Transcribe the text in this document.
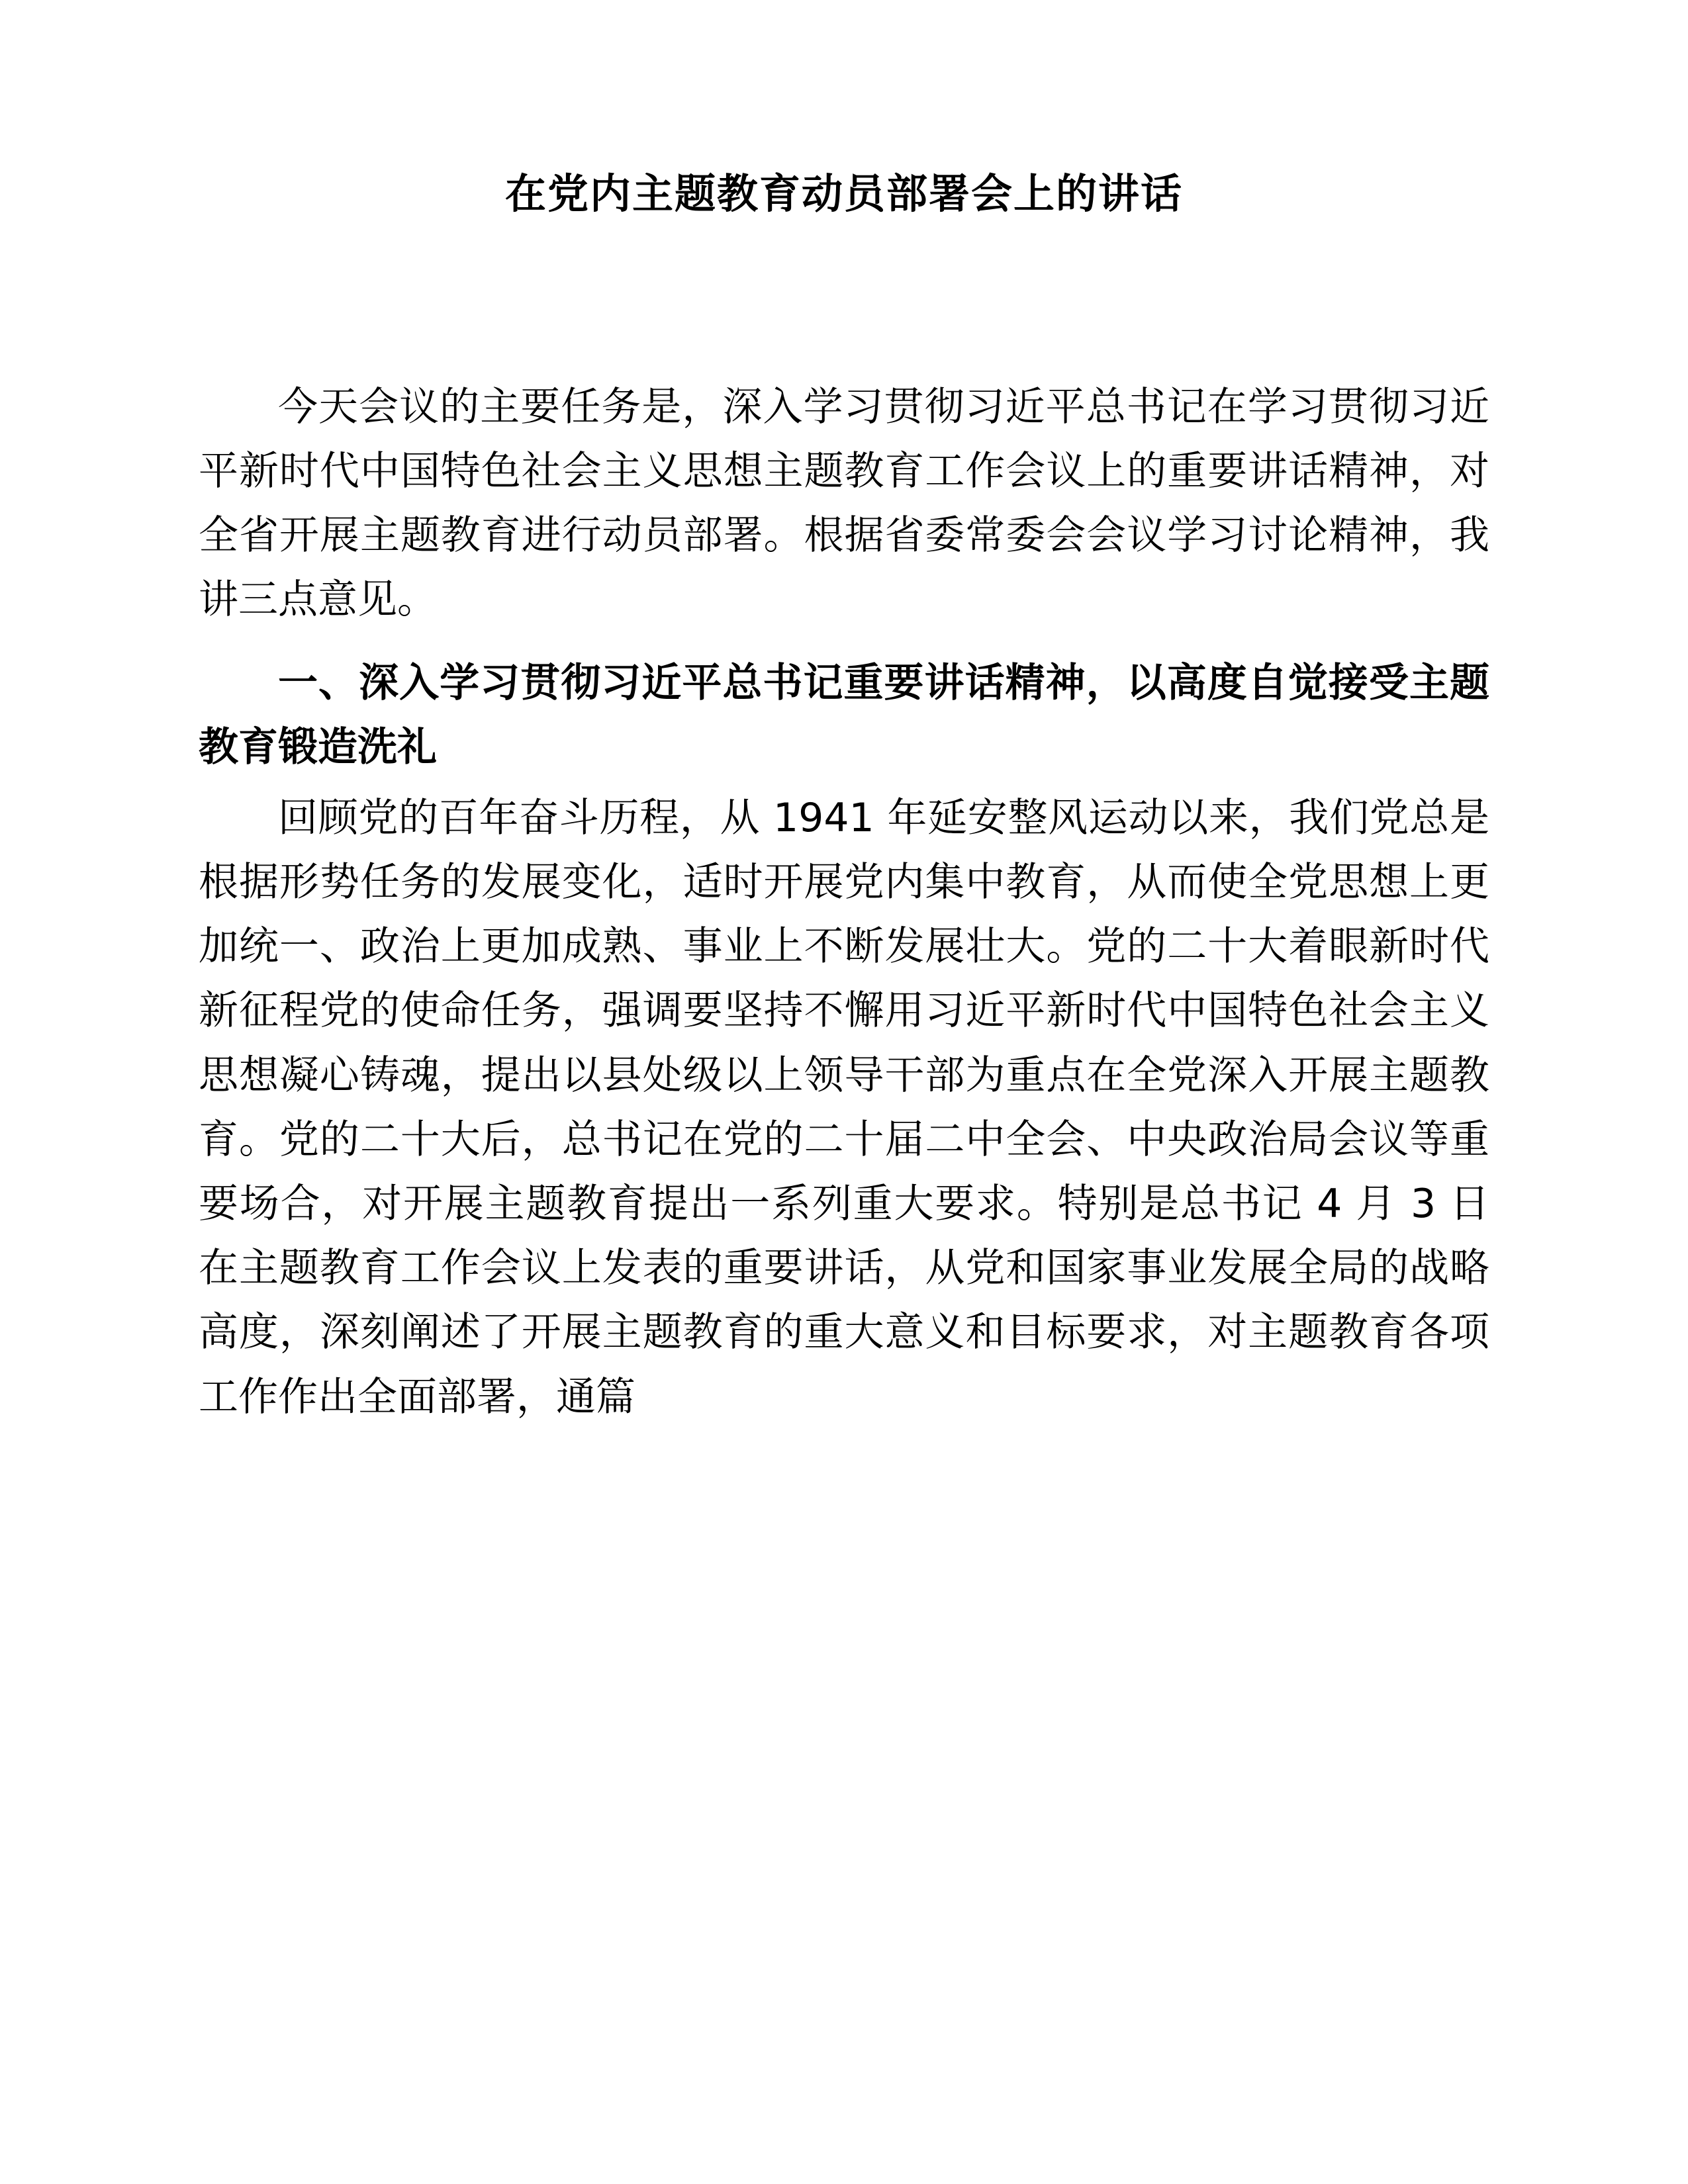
在党内主题教育动员部署会上的讲话

今天会议的主要任务是，深入学习贯彻习近平总书记在学习贯彻习近平新时代中国特色社会主义思想主题教育工作会议上的重要讲话精神，对全省开展主题教育进行动员部署。根据省委常委会会议学习讨论精神，我讲三点意见。

一、深入学习贯彻习近平总书记重要讲话精神，以高度自觉接受主题教育锻造洗礼

回顾党的百年奋斗历程，从 1941 年延安整风运动以来，我们党总是根据形势任务的发展变化，适时开展党内集中教育，从而使全党思想上更加统一、政治上更加成熟、事业上不断发展壮大。党的二十大着眼新时代新征程党的使命任务，强调要坚持不懈用习近平新时代中国特色社会主义思想凝心铸魂，提出以县处级以上领导干部为重点在全党深入开展主题教育。党的二十大后，总书记在党的二十届二中全会、中央政治局会议等重要场合，对开展主题教育提出一系列重大要求。特别是总书记 4 月 3 日在主题教育工作会议上发表的重要讲话，从党和国家事业发展全局的战略高度，深刻阐述了开展主题教育的重大意义和目标要求，对主题教育各项工作作出全面部署，通篇
